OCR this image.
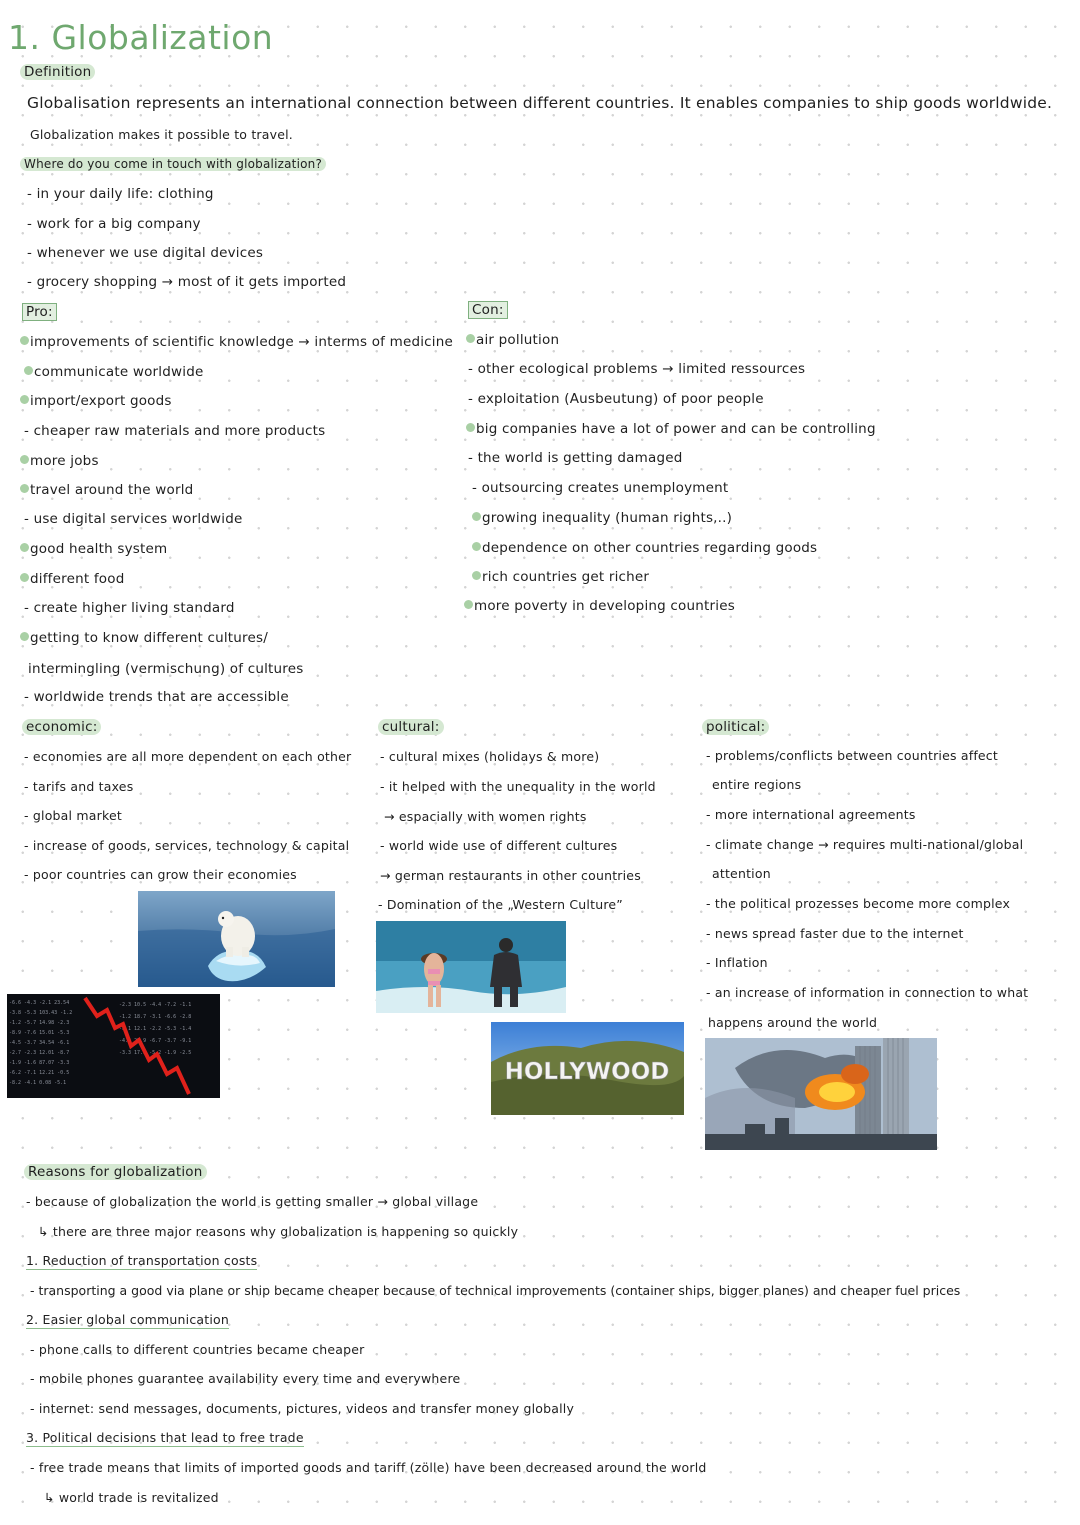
1. Globalization
Definition
Globalisation represents an international connection between different countries. It enables companies to ship goods worldwide.
Globalization makes it possible to travel.
Where do you come in touch with globalization?
- in your daily life: clothing
- work for a big company
- whenever we use digital devices
- grocery shopping → most of it gets imported
Pro:
improvements of scientific knowledge → interms of medicine
communicate worldwide
import/export goods
- cheaper raw materials and more products
more jobs
travel around the world
- use digital services worldwide
good health system
different food
- create higher living standard
getting to know different cultures/
intermingling (vermischung) of cultures
- worldwide trends that are accessible
Con:
air pollution
- other ecological problems → limited ressources
- exploitation (Ausbeutung) of poor people
big companies have a lot of power and can be controlling
- the world is getting damaged
- outsourcing creates unemployment
growing inequality (human rights,..)
dependence on other countries regarding goods
rich countries get richer
more poverty in developing countries
economic:
- economies are all more dependent on each other
- tarifs and taxes
- global market
- increase of goods, services, technology & capital
- poor countries can grow their economies
cultural:
- cultural mixes (holidays & more)
- it helped with the unequality in the world
→ espacially with women rights
- world wide use of different cultures
→ german restaurants in other countries
- Domination of the „Western Culture”
political:
- problems/conflicts between countries affect
entire regions
- more international agreements
- climate change → requires multi-national/global
attention
- the political prozesses become more complex
- news spread faster due to the internet
- Inflation
- an increase of information in connection to what
happens around the world
-6.6 -4.3 -2.1 23.54
-3.8 -5.3 103.43 -1.2
-1.2 -5.7 14.98 -2.3
-8.9 -7.6 15.01 -5.3
-4.5 -3.7 34.54 -6.1
-2.7 -2.3 12.01 -8.7
-1.9 -1.6 87.07 -3.3
-6.2 -7.1 12.21 -0.5
-8.2 -4.1 0.08 -5.1
-2.3 10.5 -4.4 -7.2 -1.1
-1.2 18.7 -3.1 -6.6 -2.8
-8.1 12.1 -2.2 -5.3 -1.4
-4.9 22.9 -6.7 -3.7 -9.1
-3.3 17.3 -5.2 -1.9 -2.5
HOLLYWOOD
Reasons for globalization
- because of globalization the world is getting smaller → global village
↳ there are three major reasons why globalization is happening so quickly
1. Reduction of transportation costs
- transporting a good via plane or ship became cheaper because of technical improvements (container ships, bigger planes) and cheaper fuel prices
2. Easier global communication
- phone calls to different countries became cheaper
- mobile phones guarantee availability every time and everywhere
- internet: send messages, documents, pictures, videos and transfer money globally
3. Political decisions that lead to free trade
- free trade means that limits of imported goods and tariff (zölle) have been decreased around the world
↳ world trade is revitalized
